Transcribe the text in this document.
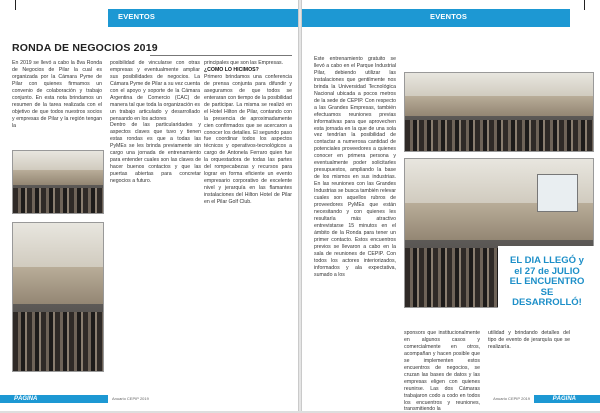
EVENTOS
RONDA DE NEGOCIOS 2019

En 2019 se llevó a cabo la 8va Ronda de Negocios de Pilar la cual es organizada por la Cámara Pyme de Pilar con quienes firmamos un convenio de colaboración y trabajo conjunto. En esta nota brindamos un resumen de la tarea realizada con el objetivo de que todos nuestros socios y empresas de Pilar y la región tengan la

posibilidad de vincularse con otras empresas y eventualmente ampliar sus posibilidades de negocios. La Cámara Pyme de Pilar a su vez cuenta con el apoyo y soporte de la Cámara Argentina de Comercio (CAC) de manera tal que toda la organización es un trabajo articulado y desarrollado pensando en los actores

principales que son las Empresas.

¿COMO LO HICIMOS?

Primero brindamos una conferencia de prensa conjunta para difundir y aseguramos de que todos se enteraran con tiempo de la posibilidad de participar. La misma se realizó en el Hotel Hilton de Pilar, contando con la presencia de aproximadamente cien confirmados que se acercaron a conocer los detalles. El segundo paso fue coordinar todos los aspectos técnicos y operativos-tecnológicos a cargo de Antonela Ferraro quien fue la orquestadora de todas las partes del rompecabezas y recursos para lograr en forma eficiente un evento empresario corporativo de excelente nivel y jerarquía en las flamantes instalaciones del Hilton Hotel de Pilar en el Pilar Golf Club.

Dentro de las particularidades y aspectos claves que tuvo y tienen estas rondas es que a todas las PyMEs se les brinda previamente sin cargo una jornada de entrenamiento para entender cuales son las claves de hacer buenos contactos y que las puertas abiertas para concretar negocios a futuro.

40 PÁGINA	Anuario CEPIP 2019
EVENTOS

Este entrenamiento gratuito se llevó a cabo en el Parque Industrial Pilar, debiendo utilizar las instalaciones que gentilmente nos brinda la Universidad Tecnológica Nacional ubicada a pocos metros de la sede de CEPIP. Con respecto a las Grandes Empresas, también efectuamos reuniones previas informativas para que aprovechen esta jornada en la que de una sola vez tendrían la posibilidad de contactar a numerosa cantidad de potenciales proveedores a quienes conocer en primera persona y eventualmente poder solicitarles presupuestos, ampliando la base de los mismos en sus industrias. En las reuniones con las Grandes Industrias se busca también relevar cuales son aquellos rubros de proveedores PyMEs que están necesitando y con quienes les resultaría más atractivo entrevistarse 15 minutos en el ámbito de la Ronda para tener un primer contacto. Estos encuentros previos se llevaron a cabo en la sala de reuniones de CEPIP. Con todos los actores interiorizados, informados y ala expectativa, sumado a los

EL DIA LLEGÓ y
el 27 de JULIO
EL ENCUENTRO
SE
DESARROLLÓ!

sponsors que institucionalmente en algunos casos y comercialmente en otros, acompañan y hacen posible que se implementen estos encuentros de negocios, se cruzan las bases de datos y las empresas eligen con quienes reunirse. Las dos Cámaras trabajaron codo a codo en todos los encuentros y reuniones, transmitiendo la

utilidad y brindando detalles del tipo de evento de jerarquía que se realizaría.

41
PÁGINA
Anuario CEPIP 2019
